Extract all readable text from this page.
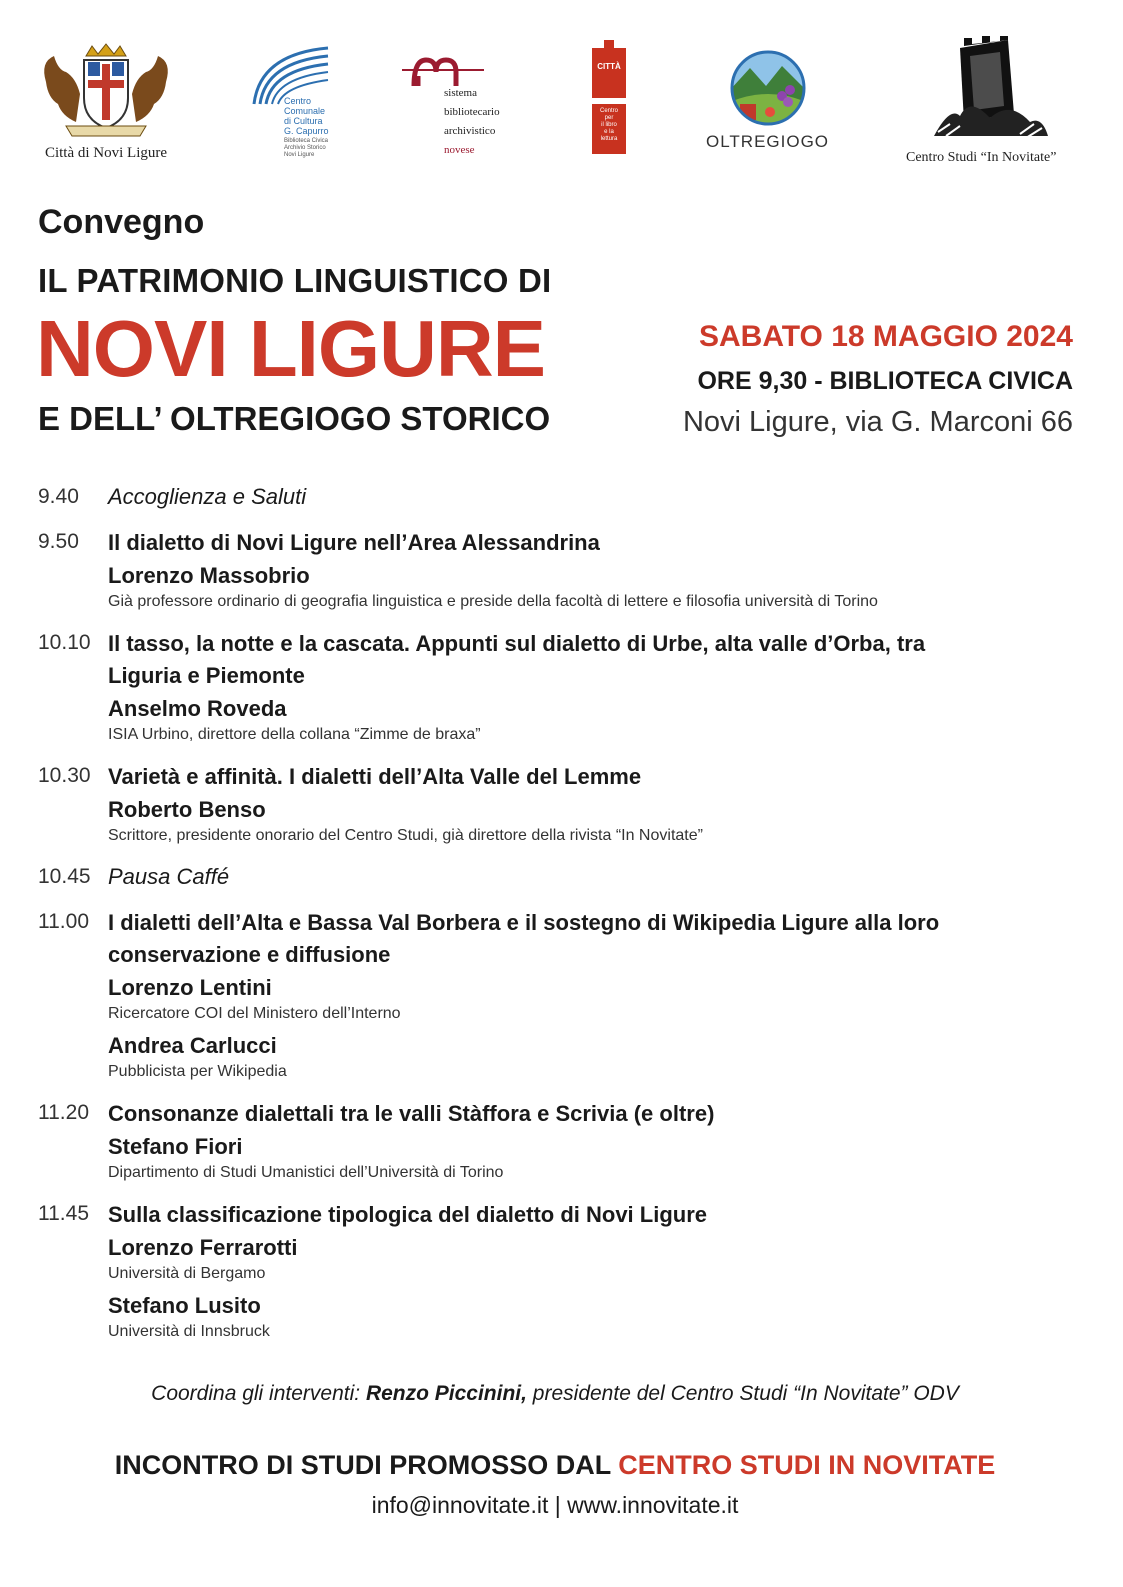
Città di Novi Ligure
Centro
Comunale
di Cultura
G. Capurro
Biblioteca Civica
Archivio Storico
Novi Ligure
sistema
bibliotecario
archivistico
novese
CITTÀ
Centro
per
il libro
e la
lettura	OLTREGIOGO
Centro Studi “In Novitate”
Convegno
IL PATRIMONIO LINGUISTICO DI
NOVI LIGURE
E DELL’ OLTREGIOGO STORICO
SABATO 18 MAGGIO 2024
ORE 9,30 - BIBLIOTECA CIVICA
Novi Ligure, via G. Marconi 66
9.40	Accoglienza e Saluti
9.50	Il dialetto di Novi Ligure nell’Area Alessandrina
Lorenzo Massobrio
Già professore ordinario di geografia linguistica e preside della facoltà di lettere e filosofia università di Torino
10.10 Il tasso, la notte e la cascata. Appunti sul dialetto di Urbe, alta valle d’Orba, tra Liguria e Piemonte
Anselmo Roveda
ISIA Urbino, direttore della collana “Zimme de braxa”
10.30 Varietà e affinità. I dialetti dell’Alta Valle del Lemme
Roberto Benso
Scrittore, presidente onorario del Centro Studi, già direttore della rivista “In Novitate”
10.45 Pausa Caffé
11.00 I dialetti dell’Alta e Bassa Val Borbera e il sostegno di Wikipedia Ligure alla loro conservazione e diffusione
Lorenzo Lentini
Ricercatore COI del Ministero dell’Interno
Andrea Carlucci
Pubblicista per Wikipedia
11.20 Consonanze dialettali tra le valli Stàffora e Scrivia (e oltre)
Stefano Fiori
Dipartimento di Studi Umanistici dell’Università di Torino
11.45 Sulla classificazione tipologica del dialetto di Novi Ligure
Lorenzo Ferrarotti
Università di Bergamo
Stefano Lusito
Università di Innsbruck
Coordina gli interventi: Renzo Piccinini, presidente del Centro Studi “In Novitate” ODV
INCONTRO DI STUDI PROMOSSO DAL CENTRO STUDI IN NOVITATE
info@innovitate.it | www.innovitate.it
